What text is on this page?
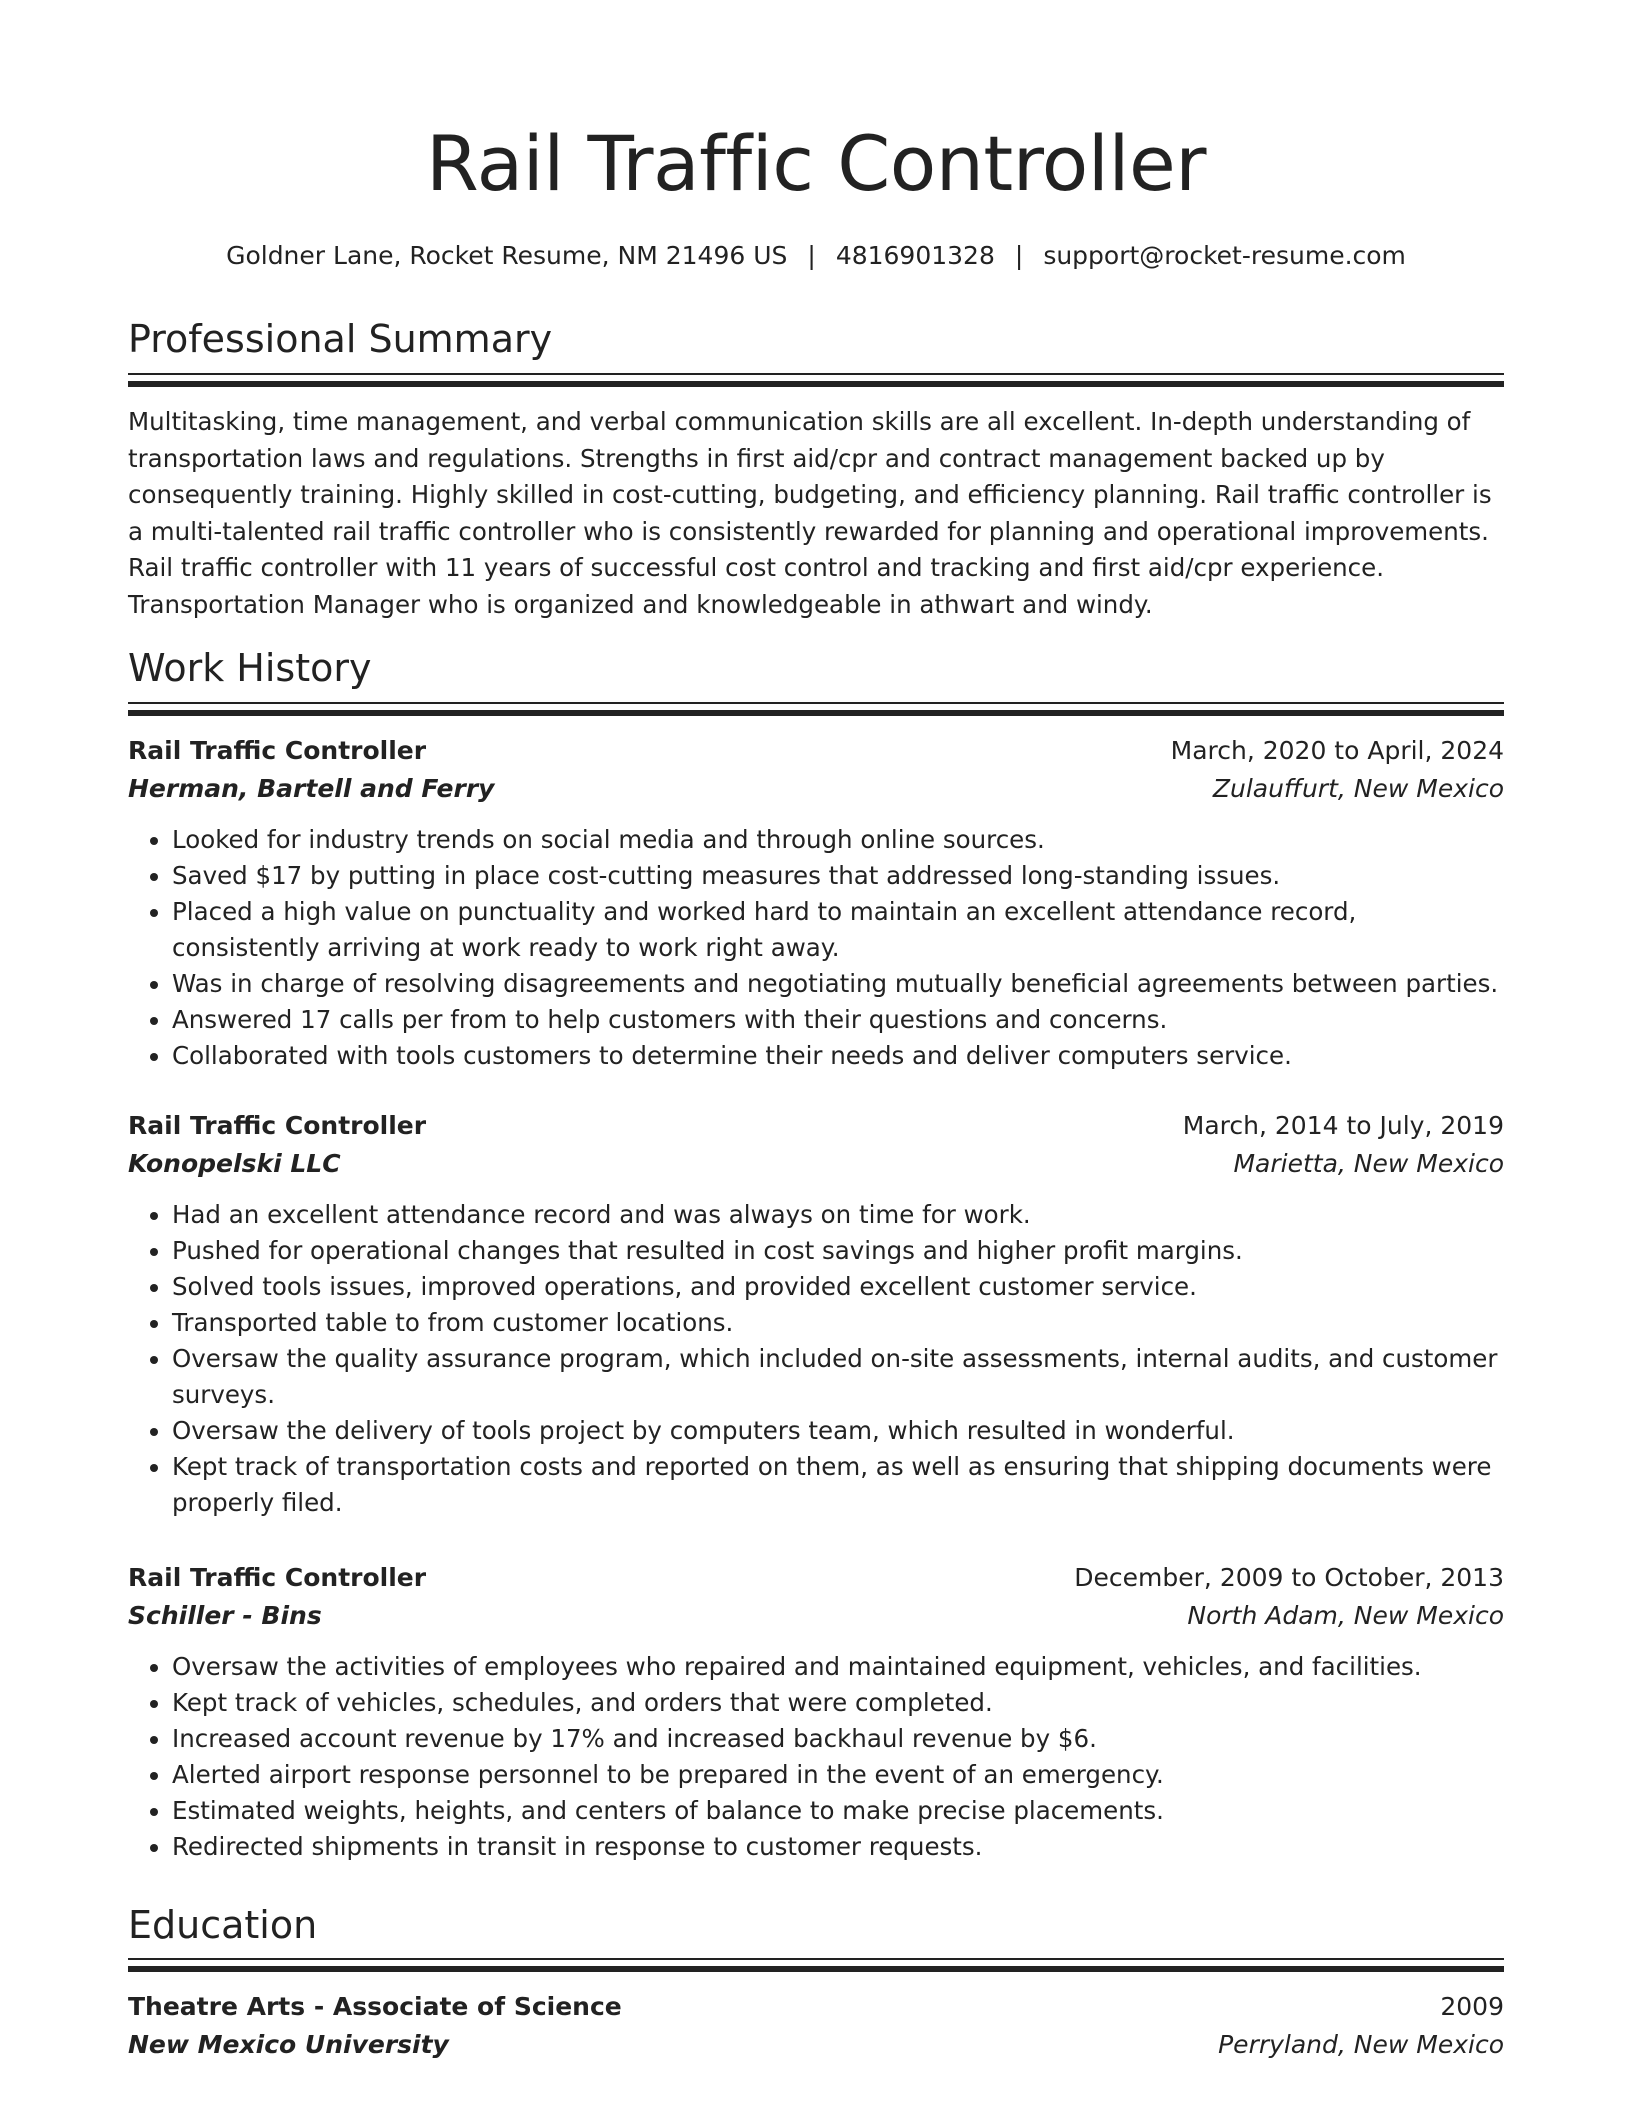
Rail Traffic Controller
Goldner Lane, Rocket Resume, NM 21496 US | 4816901328 | support@rocket-resume.com
Professional Summary

Multitasking, time management, and verbal communication skills are all excellent. In-depth understanding of transportation laws and regulations. Strengths in first aid/cpr and contract management backed up by consequently training. Highly skilled in cost-cutting, budgeting, and efficiency planning. Rail traffic controller is a multi-talented rail traffic controller who is consistently rewarded for planning and operational improvements. Rail traffic controller with 11 years of successful cost control and tracking and first aid/cpr experience. Transportation Manager who is organized and knowledgeable in athwart and windy.

Work History
Rail Traffic Controller	March, 2020 to April, 2024
Herman, Bartell and Ferry	Zulauffurt, New Mexico
• Looked for industry trends on social media and through online sources.
• Saved $17 by putting in place cost-cutting measures that addressed long-standing issues.
• Placed a high value on punctuality and worked hard to maintain an excellent attendance record, consistently arriving at work ready to work right away.
• Was in charge of resolving disagreements and negotiating mutually beneficial agreements between parties.
• Answered 17 calls per from to help customers with their questions and concerns.
• Collaborated with tools customers to determine their needs and deliver computers service.
Rail Traffic Controller	March, 2014 to July, 2019
Konopelski LLC	Marietta, New Mexico
• Had an excellent attendance record and was always on time for work.
• Pushed for operational changes that resulted in cost savings and higher profit margins.
• Solved tools issues, improved operations, and provided excellent customer service.
• Transported table to from customer locations.
• Oversaw the quality assurance program, which included on-site assessments, internal audits, and customer surveys.
• Oversaw the delivery of tools project by computers team, which resulted in wonderful.
• Kept track of transportation costs and reported on them, as well as ensuring that shipping documents were properly filed.
Rail Traffic Controller	December, 2009 to October, 2013
Schiller - Bins	North Adam, New Mexico
• Oversaw the activities of employees who repaired and maintained equipment, vehicles, and facilities.
• Kept track of vehicles, schedules, and orders that were completed.
• Increased account revenue by 17% and increased backhaul revenue by $6.
• Alerted airport response personnel to be prepared in the event of an emergency.
• Estimated weights, heights, and centers of balance to make precise placements.
• Redirected shipments in transit in response to customer requests.
Education
Theatre Arts - Associate of Science	2009
New Mexico University	Perryland, New Mexico
